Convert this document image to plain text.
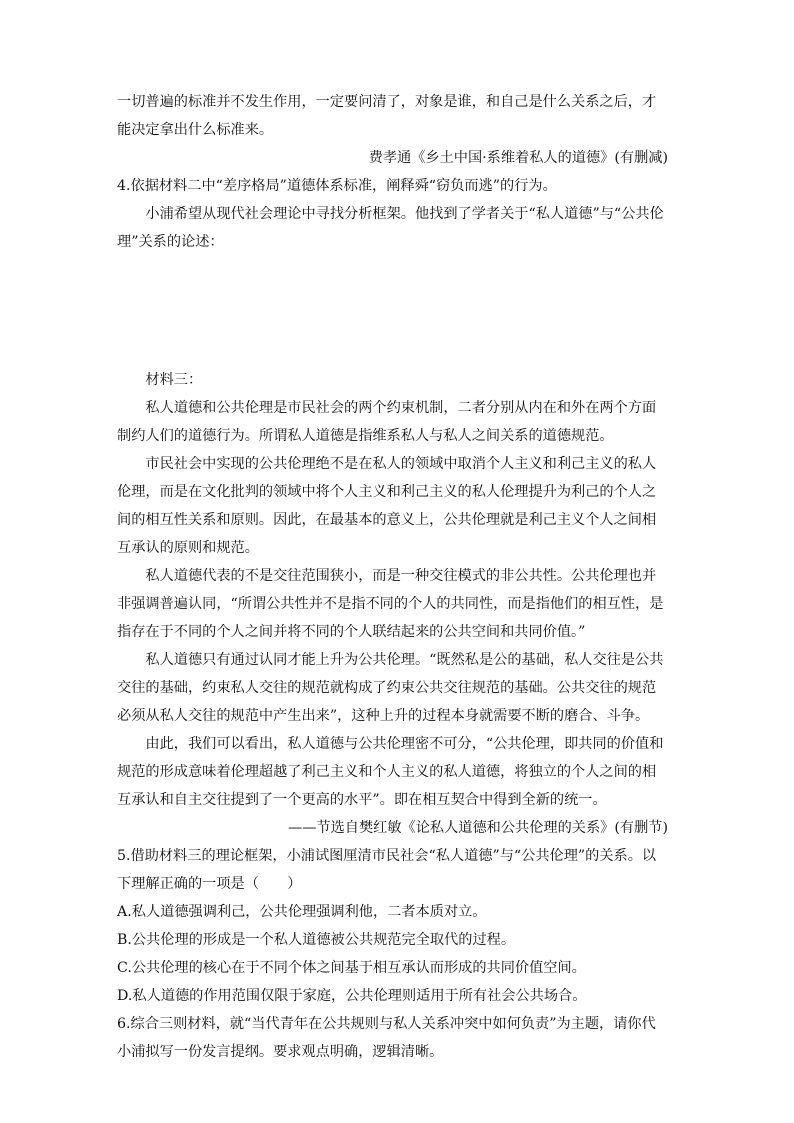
一切普遍的标准并不发生作用，一定要问清了，对象是谁，和自己是什么关系之后，才能决定拿出什么标准来。

费孝通《乡土中国·系维着私人的道德》(有删减)

4.依据材料二中“差序格局”道德体系标准，阐释舜“窃负而逃”的行为。

小浦希望从现代社会理论中寻找分析框架。他找到了学者关于“私人道德”与“公共伦理”关系的论述：

材料三：

私人道德和公共伦理是市民社会的两个约束机制，二者分别从内在和外在两个方面制约人们的道德行为。所谓私人道德是指维系私人与私人之间关系的道德规范。

市民社会中实现的公共伦理绝不是在私人的领域中取消个人主义和利己主义的私人伦理，而是在文化批判的领域中将个人主义和利己主义的私人伦理提升为利己的个人之间的相互性关系和原则。因此，在最基本的意义上，公共伦理就是利己主义个人之间相互承认的原则和规范。

私人道德代表的不是交往范围狭小，而是一种交往模式的非公共性。公共伦理也并非强调普遍认同，“所谓公共性并不是指不同的个人的共同性，而是指他们的相互性，是指存在于不同的个人之间并将不同的个人联结起来的公共空间和共同价值。”

私人道德只有通过认同才能上升为公共伦理。“既然私是公的基础，私人交往是公共交往的基础，约束私人交往的规范就构成了约束公共交往规范的基础。公共交往的规范必须从私人交往的规范中产生出来”，这种上升的过程本身就需要不断的磨合、斗争。

由此，我们可以看出，私人道德与公共伦理密不可分，“公共伦理，即共同的价值和规范的形成意味着伦理超越了利己主义和个人主义的私人道德，将独立的个人之间的相互承认和自主交往提到了一个更高的水平”。即在相互契合中得到全新的统一。

——节选自樊红敏《论私人道德和公共伦理的关系》(有删节)

5.借助材料三的理论框架，小浦试图厘清市民社会“私人道德”与“公共伦理”的关系。以下理解正确的一项是（　　）

A.私人道德强调利己，公共伦理强调利他，二者本质对立。

B.公共伦理的形成是一个私人道德被公共规范完全取代的过程。

C.公共伦理的核心在于不同个体之间基于相互承认而形成的共同价值空间。

D.私人道德的作用范围仅限于家庭，公共伦理则适用于所有社会公共场合。

6.综合三则材料，就“当代青年在公共规则与私人关系冲突中如何负责”为主题，请你代小浦拟写一份发言提纲。要求观点明确，逻辑清晰。
